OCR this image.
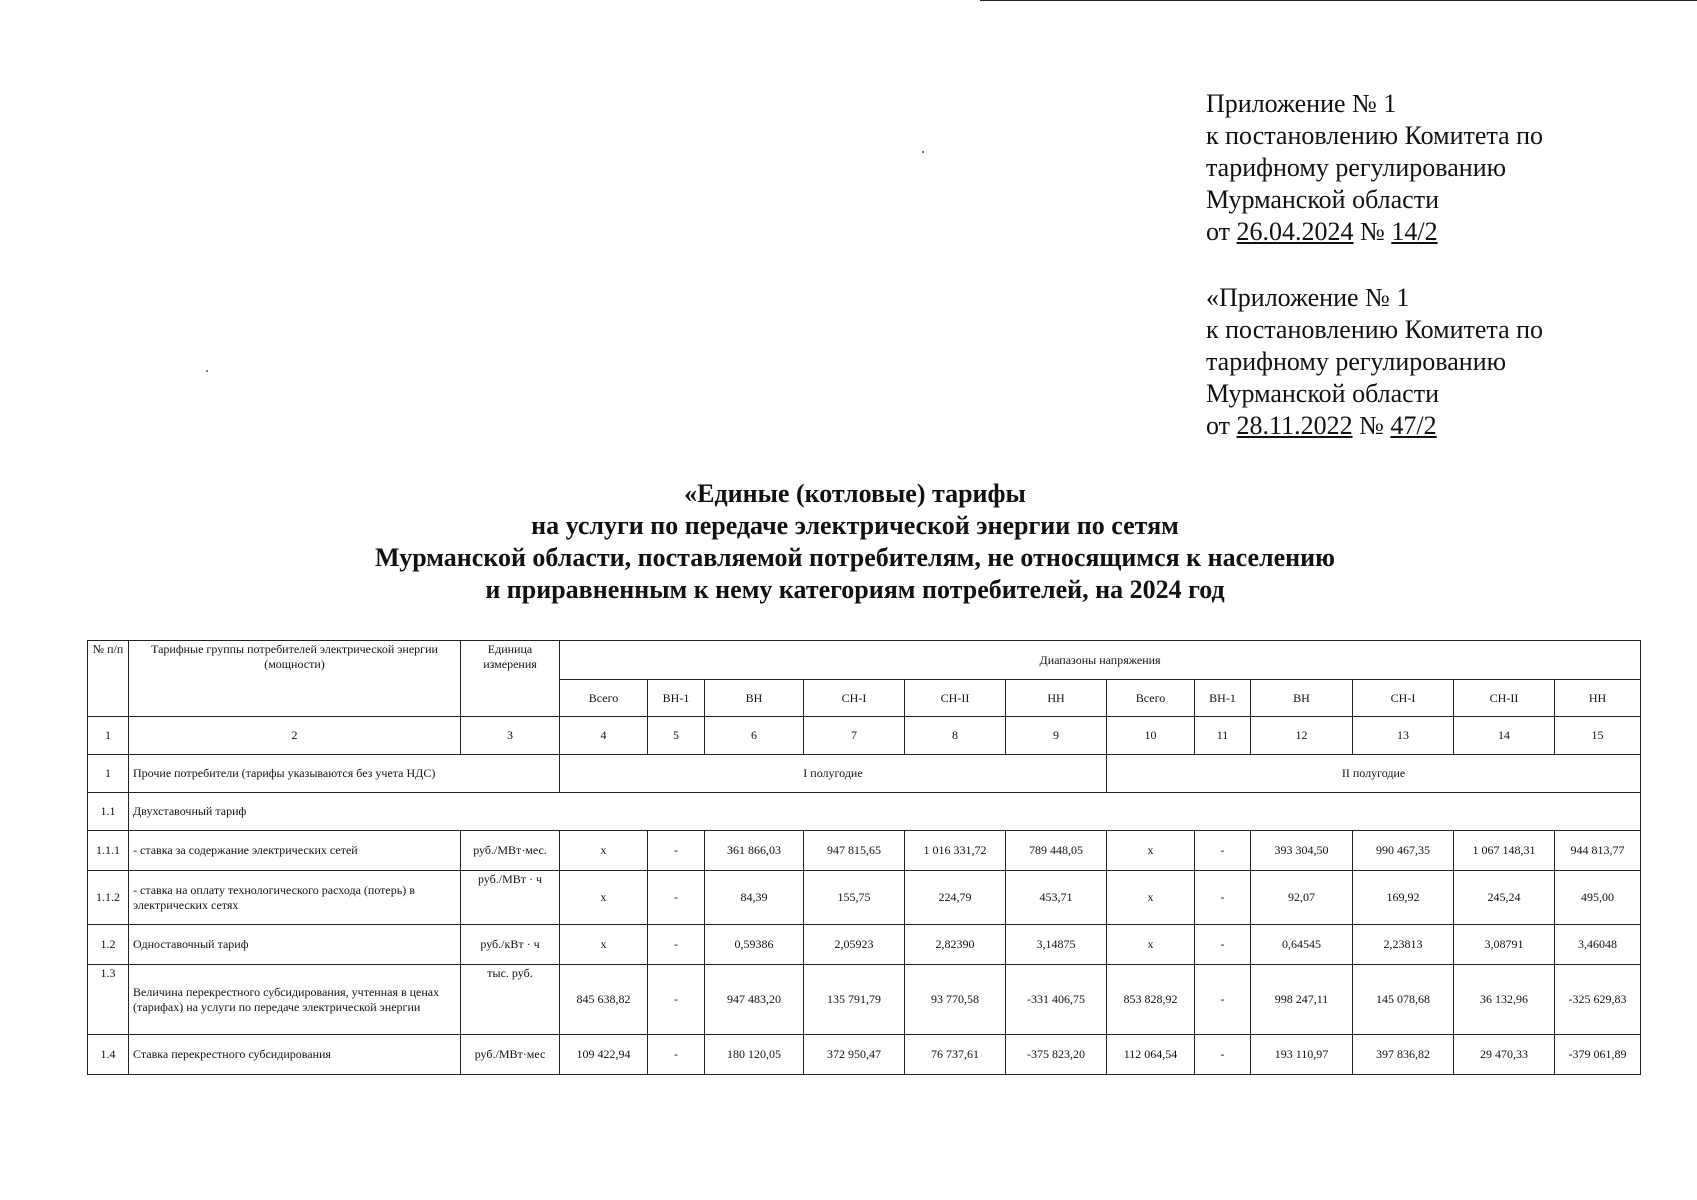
Приложение № 1
к постановлению Комитета по
тарифному регулированию
Мурманской области
от 26.04.2024 № 14/2
«Приложение № 1
к постановлению Комитета по
тарифному регулированию
Мурманской области
от 28.11.2022 № 47/2
«Единые (котловые) тарифы
на услуги по передаче электрической энергии по сетям
Мурманской области, поставляемой потребителям, не относящимся к населению
и приравненным к нему категориям потребителей, на 2024 год
№ п/п	Тарифные группы потребителей электрической энергии (мощности)	Единица измерения	Диапазоны напряжения											
			Всего	ВН-1	ВН	СН-I	СН-II	НН	Всего	ВН-1	ВН	СН-I	СН-II	НН
1	2	3	4	5	6	7	8	9	10	11	12	13	14	15
1	Прочие потребители (тарифы указываются без учета НДС)		I полугодие						II полугодие					
1.1	Двухставочный тариф													
1.1.1	- ставка за содержание электрических сетей	руб./МВт·мес.	х	-	361 866,03	947 815,65	1 016 331,72	789 448,05	х	-	393 304,50	990 467,35	1 067 148,31	944 813,77
1.1.2	- ставка на оплату технологического расхода (потерь) в электрических сетях	руб./МВт · ч	х	-	84,39	155,75	224,79	453,71	х	-	92,07	169,92	245,24	495,00
1.2	Одноставочный тариф	руб./кВт · ч	х	-	0,59386	2,05923	2,82390	3,14875	х	-	0,64545	2,23813	3,08791	3,46048
1.3	Величина перекрестного субсидирования, учтенная в ценах (тарифах) на услуги по передаче электрической энергии	тыс. руб.	845 638,82	-	947 483,20	135 791,79	93 770,58	-331 406,75	853 828,92	-	998 247,11	145 078,68	36 132,96	-325 629,83
1.4	Ставка перекрестного субсидирования	руб./МВт·мес	109 422,94	-	180 120,05	372 950,47	76 737,61	-375 823,20	112 064,54	-	193 110,97	397 836,82	29 470,33	-379 061,89
